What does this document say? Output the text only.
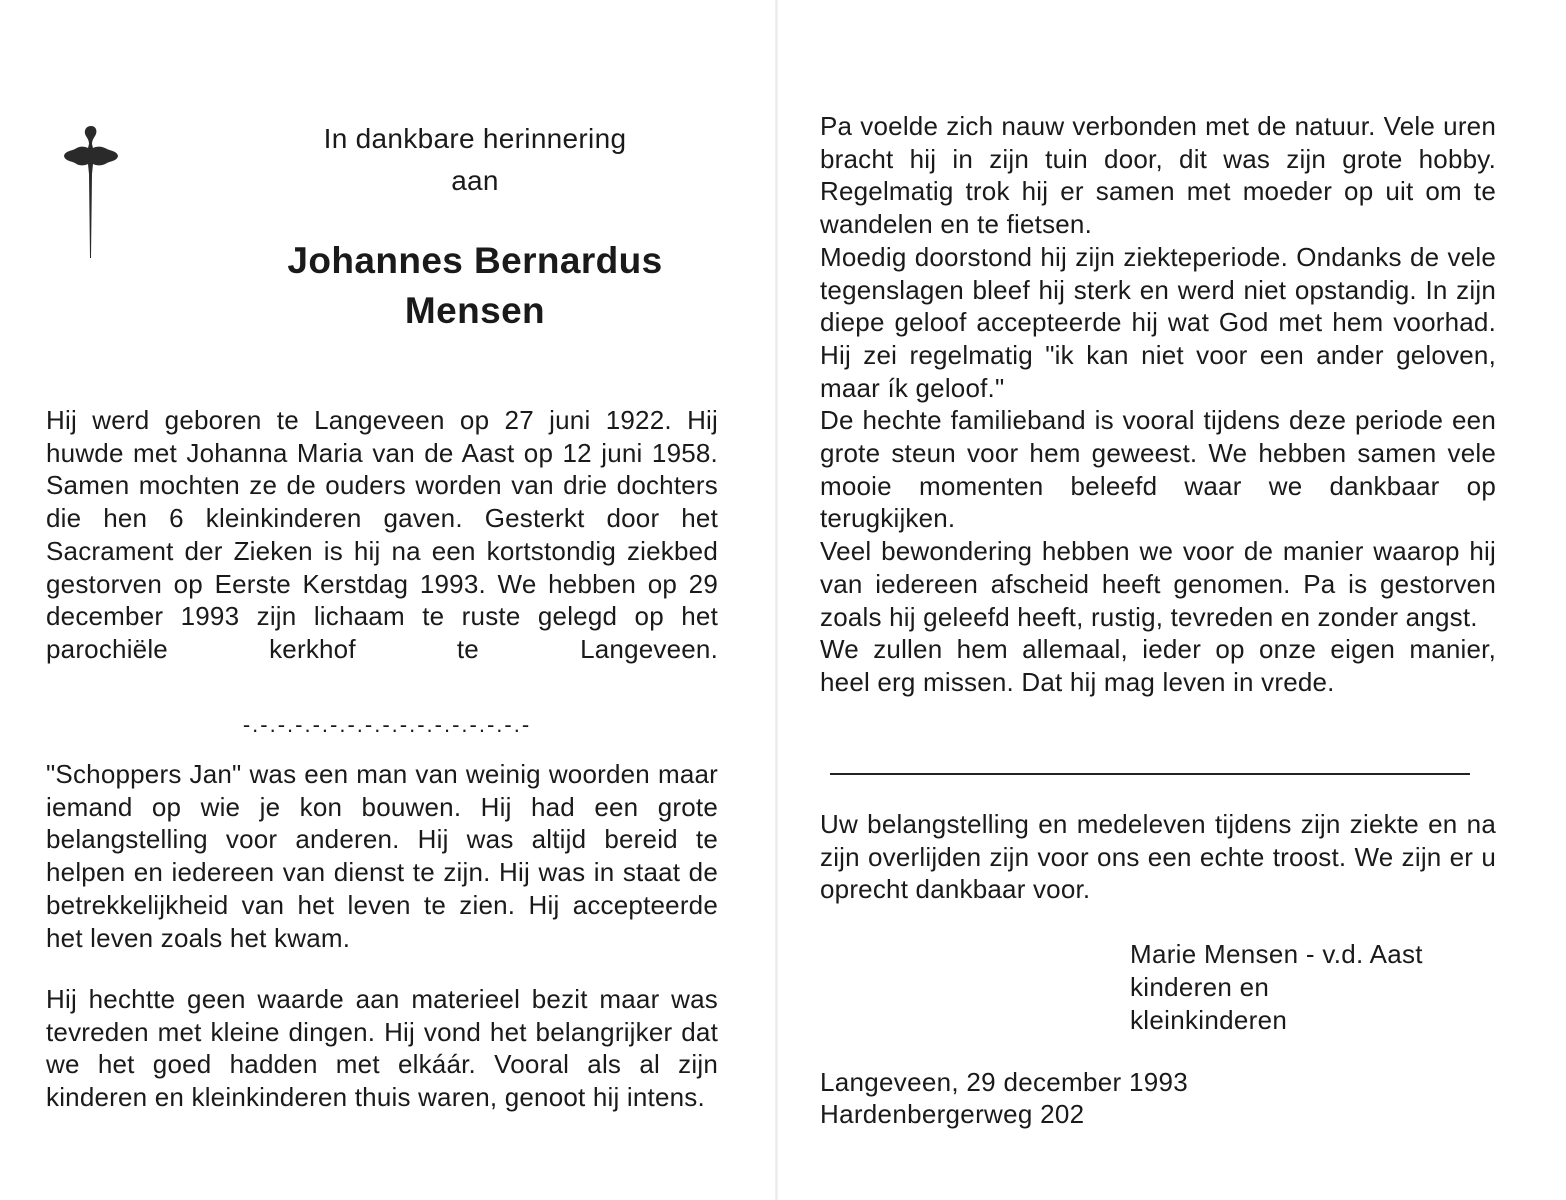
In dankbare herinnering
aan
Johannes Bernardus
Mensen

Hij werd geboren te Langeveen op 27 juni 1922. Hij huwde met Johanna Maria van de Aast op 12 juni 1958. Samen mochten ze de ouders worden van drie dochters die hen 6 kleinkinderen gaven. Gesterkt door het Sacrament der Zieken is hij na een kortstondig ziekbed gestorven op Eerste Kerstdag 1993. We hebben op 29 december 1993 zijn lichaam te ruste gelegd op het parochiële kerkhof te Langeveen.

-.-.-.-.-.-.-.-.-.-.-.-.-.-.-.-.-

"Schoppers Jan" was een man van weinig woorden maar iemand op wie je kon bouwen. Hij had een grote belangstelling voor anderen. Hij was altijd bereid te helpen en iedereen van dienst te zijn. Hij was in staat de betrekkelijkheid van het leven te zien. Hij accepteerde het leven zoals het kwam.

Hij hechtte geen waarde aan materieel bezit maar was tevreden met kleine dingen. Hij vond het belangrijker dat we het goed hadden met elkáár. Vooral als al zijn kinderen en kleinkinderen thuis waren, genoot hij intens.

Pa voelde zich nauw verbonden met de natuur. Vele uren bracht hij in zijn tuin door, dit was zijn grote hobby. Regelmatig trok hij er samen met moeder op uit om te wandelen en te fietsen.

Moedig doorstond hij zijn ziekteperiode. Ondanks de vele tegenslagen bleef hij sterk en werd niet opstandig. In zijn diepe geloof accepteerde hij wat God met hem voorhad. Hij zei regelmatig "ik kan niet voor een ander geloven, maar ík geloof."

De hechte familieband is vooral tijdens deze periode een grote steun voor hem geweest. We hebben samen vele mooie momenten beleefd waar we dankbaar op terugkijken.

Veel bewondering hebben we voor de manier waarop hij van iedereen afscheid heeft genomen. Pa is gestorven zoals hij geleefd heeft, rustig, tevreden en zonder angst.

We zullen hem allemaal, ieder op onze eigen manier, heel erg missen. Dat hij mag leven in vrede.

Uw belangstelling en medeleven tijdens zijn ziekte en na zijn overlijden zijn voor ons een echte troost. We zijn er u oprecht dankbaar voor.

Marie Mensen - v.d. Aast
kinderen en
kleinkinderen
Langeveen, 29 december 1993
Hardenbergerweg 202
